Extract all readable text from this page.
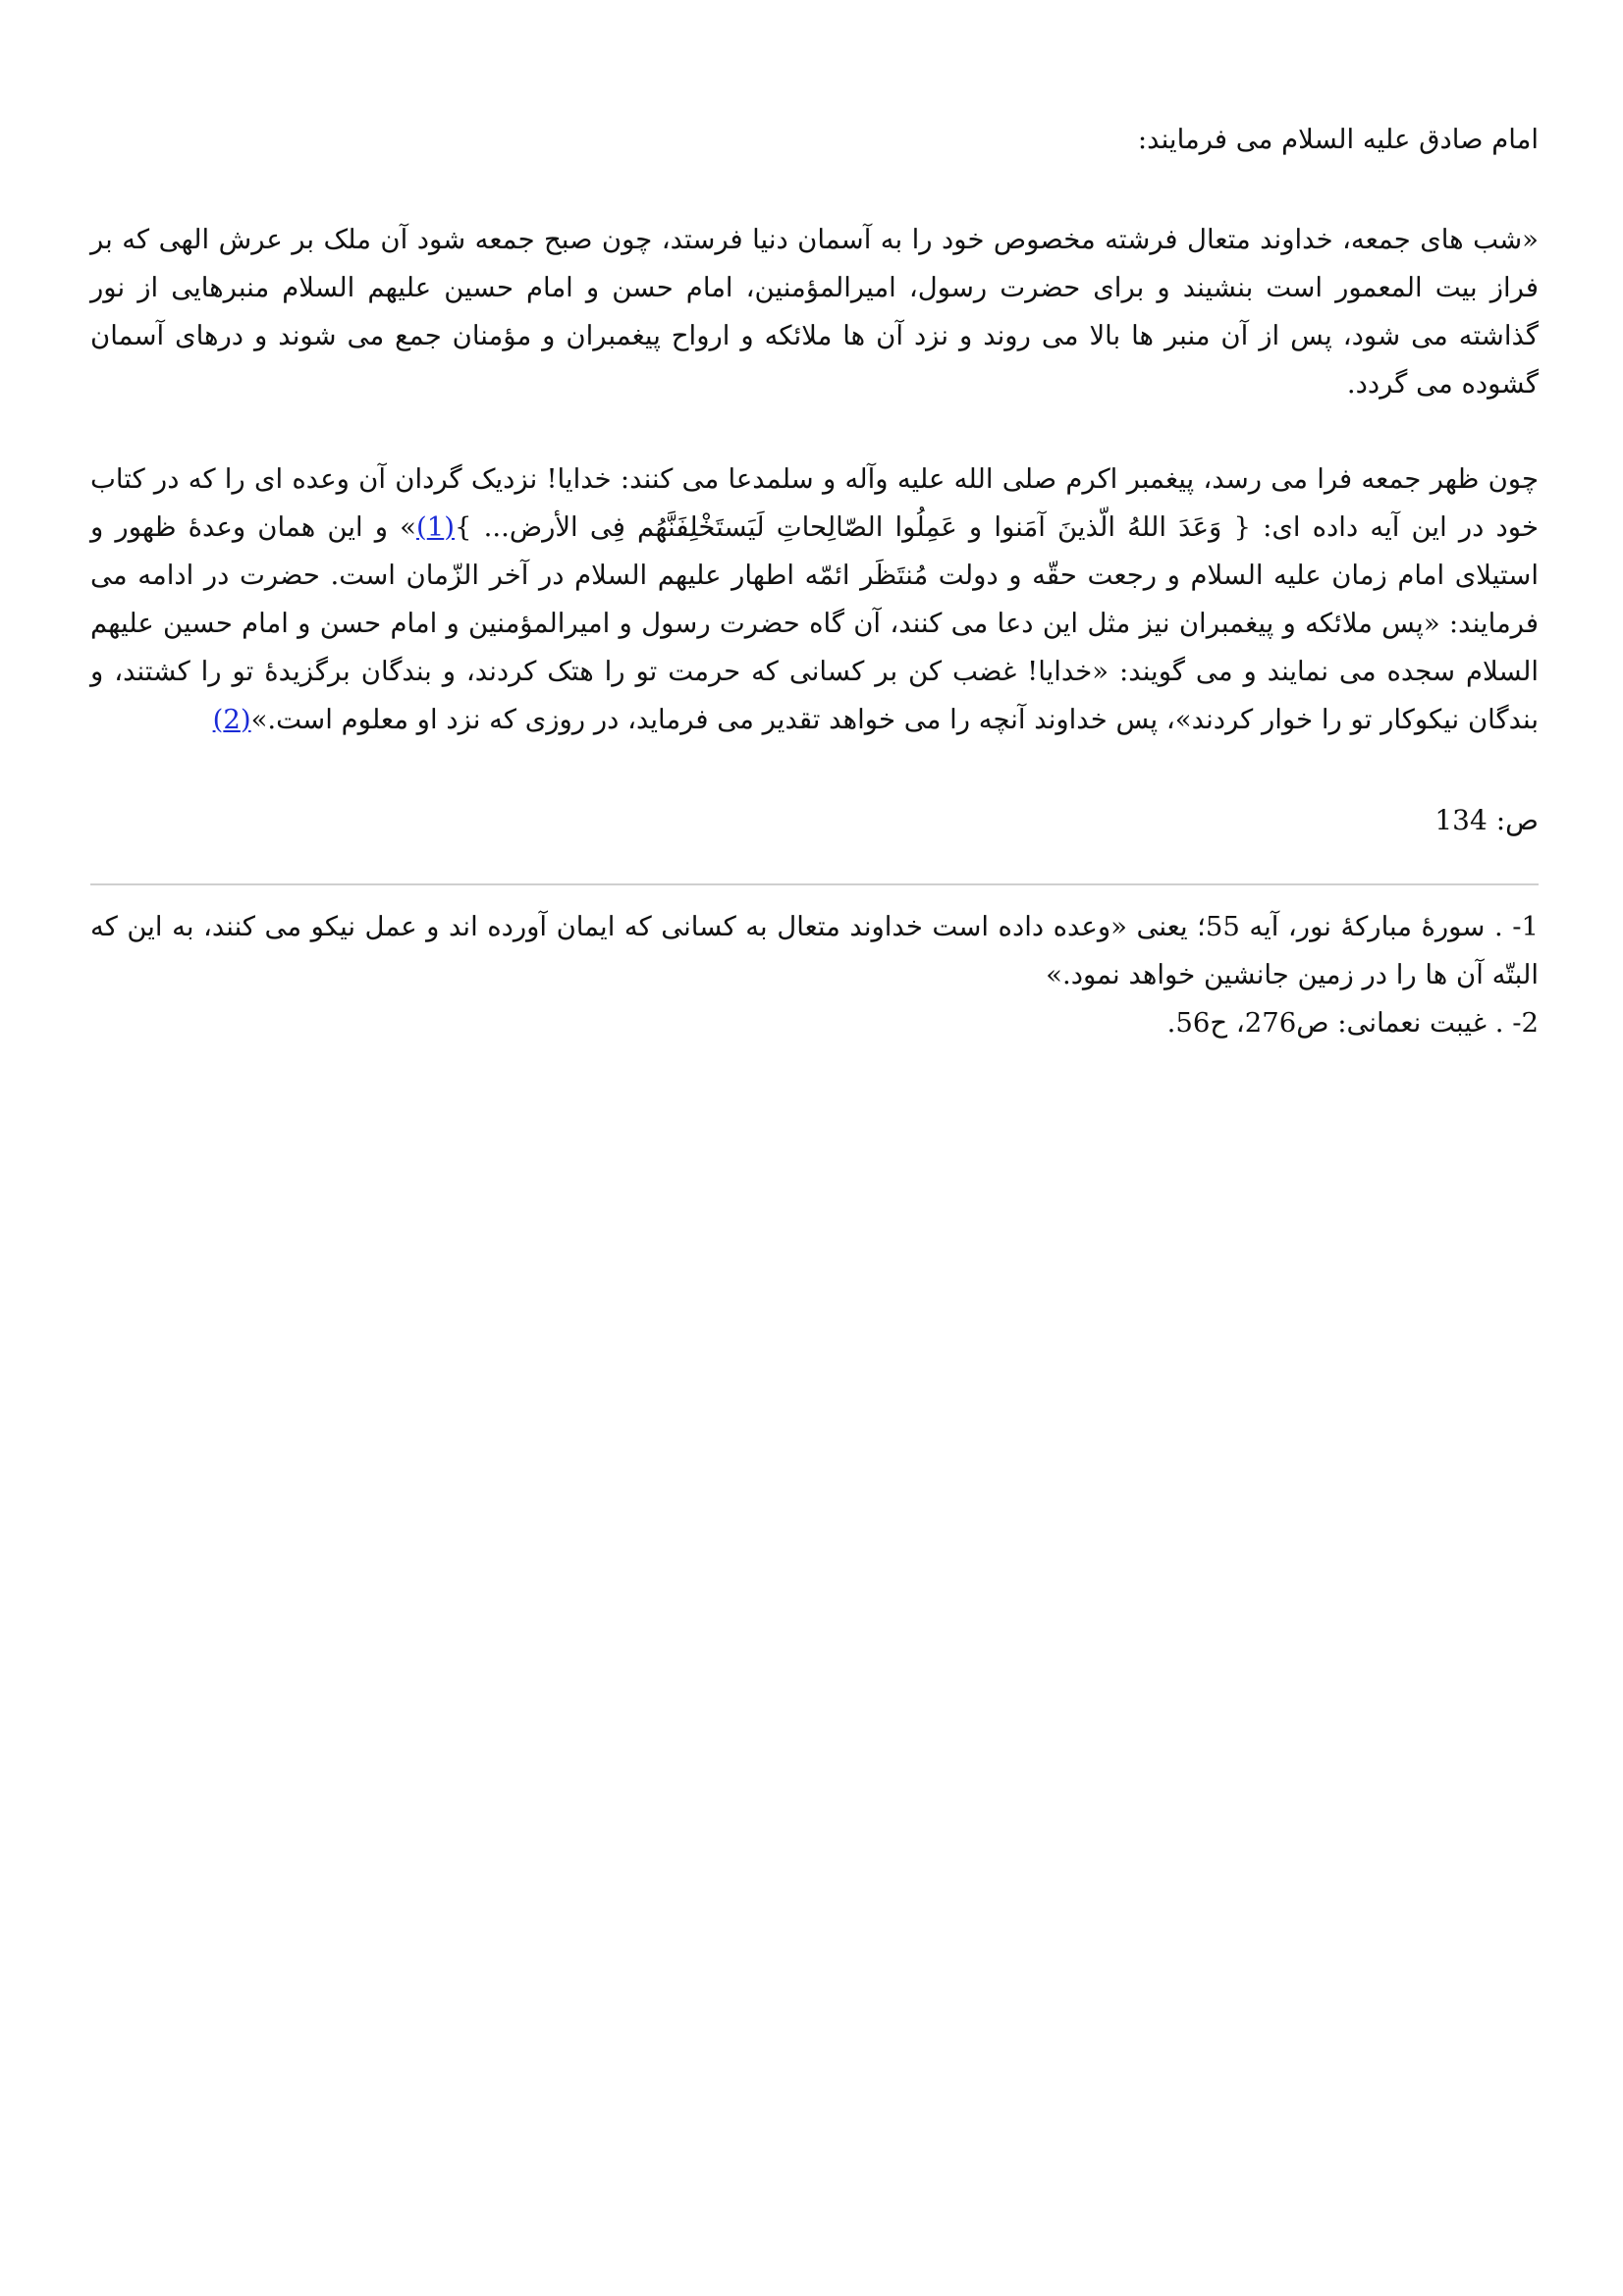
امام صادق علیه السلام می فرمایند:

«شب های جمعه، خداوند متعال فرشته مخصوص خود را به آسمان دنیا فرستد، چون صبح جمعه شود آن ملک بر عرش الهی که بر فراز بیت المعمور است بنشیند و برای حضرت رسول، امیرالمؤمنین، امام حسن و امام حسین علیهم السلام منبرهایی از نور گذاشته می شود، پس از آن منبر ها بالا می روند و نزد آن ها ملائکه و ارواح پیغمبران و مؤمنان جمع می شوند و درهای آسمان گشوده می گردد.

چون ظهر جمعه فرا می رسد، پیغمبر اکرم صلی الله علیه وآله و سلمدعا می کنند: خدایا! نزدیک گردان آن وعده ای را که در کتاب خود در این آیه داده ای: { وَعَدَ اللهُ الّذینَ آمَنوا و عَمِلُوا الصّالِحاتِ لَیَستَخْلِفَنَّهُم فِی الأرض... }(1)» و این همان وعدهٔ ظهور و استیلای امام زمان علیه السلام و رجعت حقّه و دولت مُنتَظَر ائمّه اطهار علیهم السلام در آخر الزّمان است. حضرت در ادامه می فرمایند: «پس ملائکه و پیغمبران نیز مثل این دعا می کنند، آن گاه حضرت رسول و امیرالمؤمنین و امام حسن و امام حسین علیهم السلام سجده می نمایند و می گویند: «خدایا! غضب کن بر کسانی که حرمت تو را هتک کردند، و بندگان برگزیدهٔ تو را کشتند، و بندگان نیکوکار تو را خوار کردند»، پس خداوند آنچه را می خواهد تقدیر می فرماید، در روزی که نزد او معلوم است.»(2)

ص: 134

1- . سورهٔ مبارکهٔ نور، آیه 55؛ یعنی «وعده داده است خداوند متعال به کسانی که ایمان آورده اند و عمل نیکو می کنند، به این که البتّه آن ها را در زمین جانشین خواهد نمود.»

2- . غیبت نعمانی: ص276، ح56.
